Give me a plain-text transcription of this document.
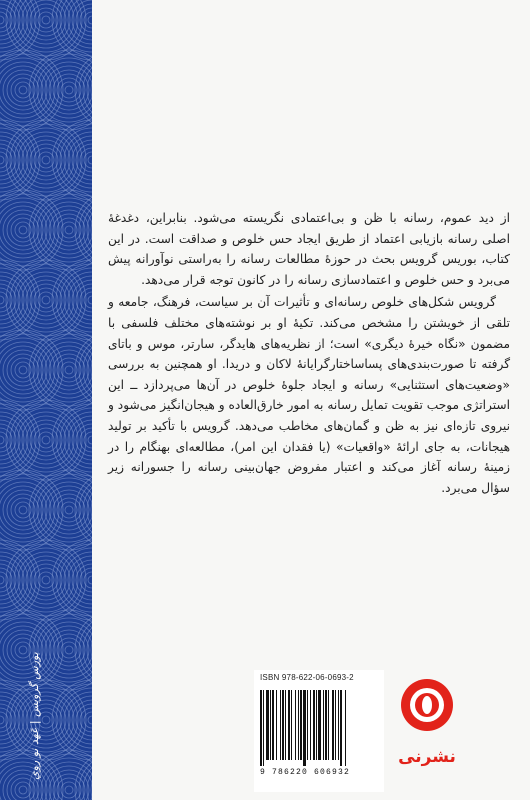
بورس گرويس | عَهد نو روي

از دید عموم، رسانه با ظن و بی‌اعتمادی نگریسته می‌شود. بنابراین، دغدغهٔ اصلی رسانه بازیابی اعتماد از طریق ایجاد حس خلوص و صداقت است. در این کتاب، بوریس گرویس بحث در حوزهٔ مطالعات رسانه را به‌راستی نوآورانه پیش می‌برد و حس خلوص و اعتمادسازی رسانه را در کانون توجه قرار می‌دهد.

گرویس شکل‌های خلوص رسانه‌ای و تأثیرات آن بر سیاست، فرهنگ، جامعه و تلقی از خویشتن را مشخص می‌کند. تکیهٔ او بر نوشته‌های مختلف فلسفی با مضمون «نگاه خیرهٔ دیگری» است؛ از نظریه‌های هایدگر، سارتر، موس و باتای گرفته تا صورت‌بندی‌های پساساختارگرایانهٔ لاکان و دریدا. او همچنین به بررسی «وضعیت‌های استثنایی» رسانه و ایجاد جلوهٔ خلوص در آن‌ها می‌پردازد ــ این استراتژی موجب تقویت تمایل رسانه به امور خارق‌العاده و هیجان‌انگیز می‌شود و نیروی تازه‌ای نیز به ظن و گمان‌های مخاطب می‌دهد. گرویس با تأکید بر تولید هیجانات، به جای ارائهٔ «واقعیات» (یا فقدان این امر)، مطالعه‌ای بهنگام را در زمینهٔ رسانه آغاز می‌کند و اعتبار مفروض جهان‌بینی رسانه را جسورانه زیر سؤال می‌برد.

ISBN 978-622-06-0693-2
9 786220 606932
نشرنی
